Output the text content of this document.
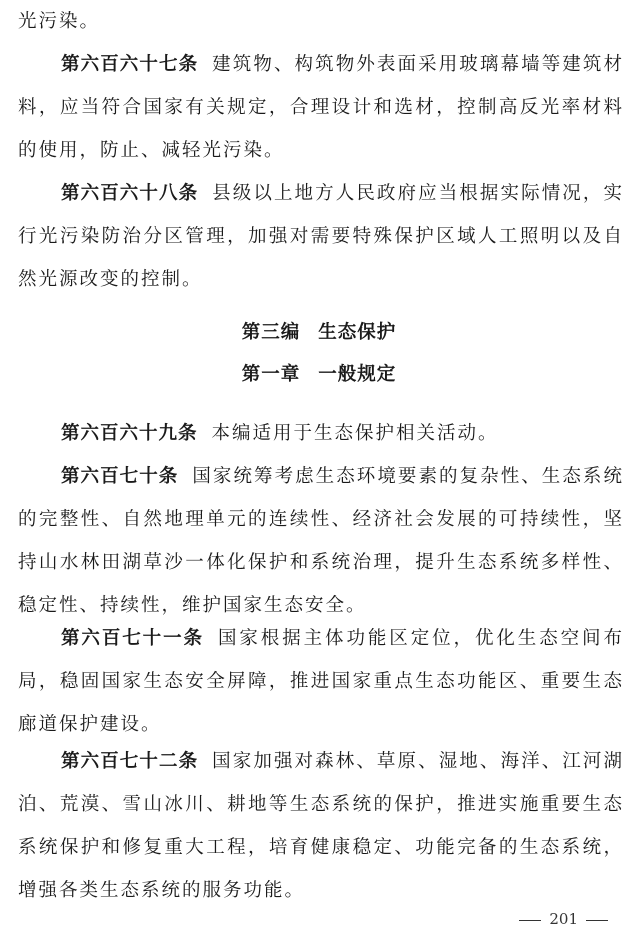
光污染。

第六百六十七条 建筑物、构筑物外表面采用玻璃幕墙等建筑材料，应当符合国家有关规定，合理设计和选材，控制高反光率材料的使用，防止、减轻光污染。

第六百六十八条 县级以上地方人民政府应当根据实际情况，实行光污染防治分区管理，加强对需要特殊保护区域人工照明以及自然光源改变的控制。

第三编 生态保护
第一章 一般规定

第六百六十九条 本编适用于生态保护相关活动。

第六百七十条 国家统筹考虑生态环境要素的复杂性、生态系统的完整性、自然地理单元的连续性、经济社会发展的可持续性，坚持山水林田湖草沙一体化保护和系统治理，提升生态系统多样性、稳定性、持续性，维护国家生态安全。

第六百七十一条 国家根据主体功能区定位，优化生态空间布局，稳固国家生态安全屏障，推进国家重点生态功能区、重要生态廊道保护建设。

第六百七十二条 国家加强对森林、草原、湿地、海洋、江河湖泊、荒漠、雪山冰川、耕地等生态系统的保护，推进实施重要生态系统保护和修复重大工程，培育健康稳定、功能完备的生态系统，增强各类生态系统的服务功能。

201
